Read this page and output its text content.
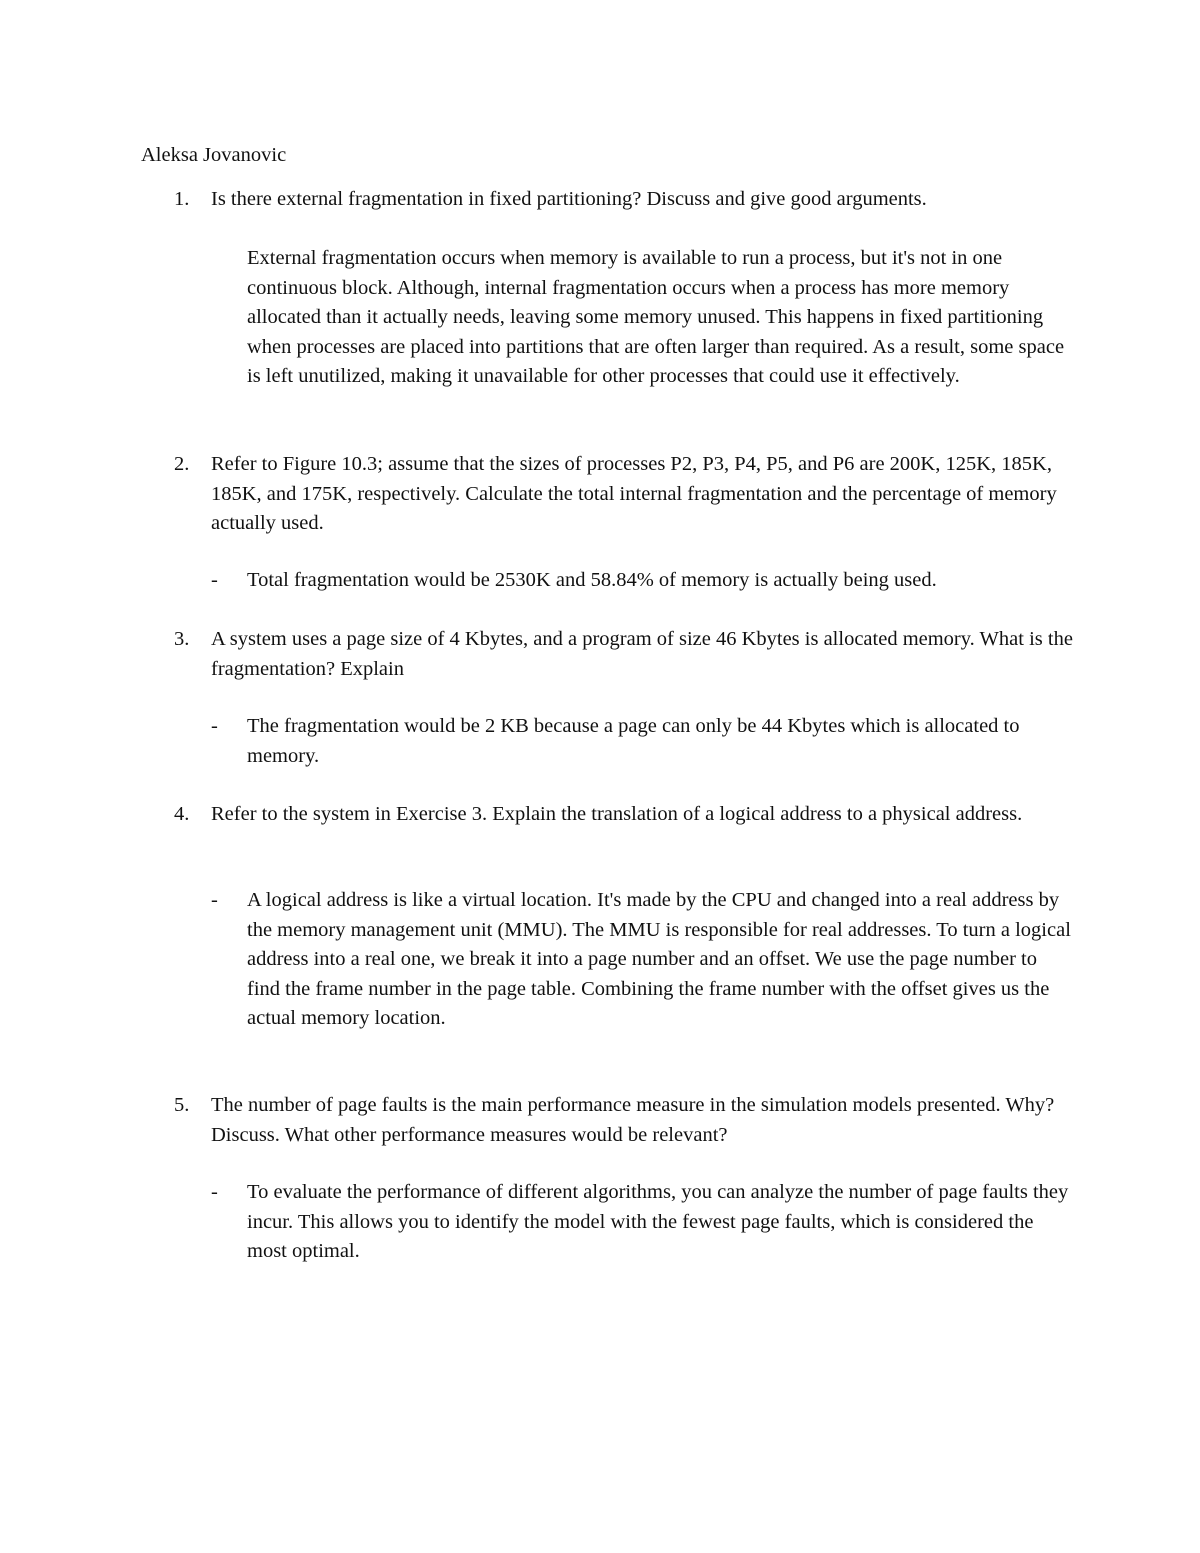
Aleksa Jovanovic
1. Is there external fragmentation in fixed partitioning? Discuss and give good arguments.
External fragmentation occurs when memory is available to run a process, but it's not in one continuous block. Although, internal fragmentation occurs when a process has more memory allocated than it actually needs, leaving some memory unused. This happens in fixed partitioning when processes are placed into partitions that are often larger than required. As a result, some space is left unutilized, making it unavailable for other processes that could use it effectively.
2. Refer to Figure 10.3; assume that the sizes of processes P2, P3, P4, P5, and P6 are 200K, 125K, 185K, 185K, and 175K, respectively. Calculate the total internal fragmentation and the percentage of memory actually used.
- Total fragmentation would be 2530K and 58.84% of memory is actually being used.
3. A system uses a page size of 4 Kbytes, and a program of size 46 Kbytes is allocated memory. What is the fragmentation? Explain
- The fragmentation would be 2 KB because a page can only be 44 Kbytes which is allocated to memory.
4. Refer to the system in Exercise 3. Explain the translation of a logical address to a physical address.
- A logical address is like a virtual location. It's made by the CPU and changed into a real address by the memory management unit (MMU). The MMU is responsible for real addresses. To turn a logical address into a real one, we break it into a page number and an offset. We use the page number to find the frame number in the page table. Combining the frame number with the offset gives us the actual memory location.
5. The number of page faults is the main performance measure in the simulation models presented. Why? Discuss. What other performance measures would be relevant?
- To evaluate the performance of different algorithms, you can analyze the number of page faults they incur. This allows you to identify the model with the fewest page faults, which is considered the most optimal.
